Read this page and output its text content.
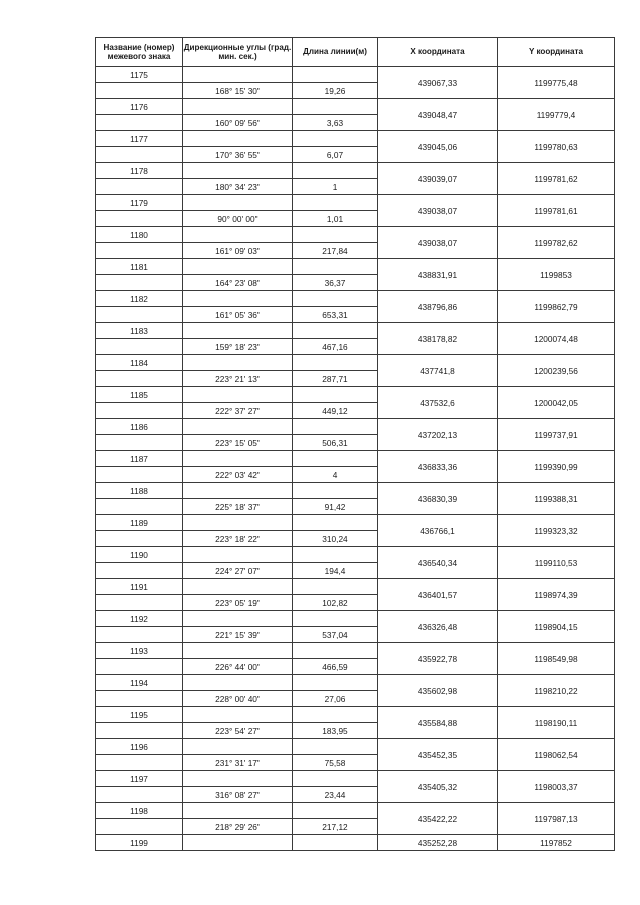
Название (номер) межевого знака	Дирекционные углы (град. мин. сек.)	Длина линии(м)	X координата	Y координата
1175			439067,33	1199775,48
	168° 15' 30"	19,26		
1176			439048,47	1199779,4
	160° 09' 56"	3,63		
1177			439045,06	1199780,63
	170° 36' 55"	6,07		
1178			439039,07	1199781,62
	180° 34' 23"	1		
1179			439038,07	1199781,61
	90° 00' 00"	1,01		
1180			439038,07	1199782,62
	161° 09' 03"	217,84		
1181			438831,91	1199853
	164° 23' 08"	36,37		
1182			438796,86	1199862,79
	161° 05' 36"	653,31		
1183			438178,82	1200074,48
	159° 18' 23"	467,16		
1184			437741,8	1200239,56
	223° 21' 13"	287,71		
1185			437532,6	1200042,05
	222° 37' 27"	449,12		
1186			437202,13	1199737,91
	223° 15' 05"	506,31		
1187			436833,36	1199390,99
	222° 03' 42"	4		
1188			436830,39	1199388,31
	225° 18' 37"	91,42		
1189			436766,1	1199323,32
	223° 18' 22"	310,24		
1190			436540,34	1199110,53
	224° 27' 07"	194,4		
1191			436401,57	1198974,39
	223° 05' 19"	102,82		
1192			436326,48	1198904,15
	221° 15' 39"	537,04		
1193			435922,78	1198549,98
	226° 44' 00"	466,59		
1194			435602,98	1198210,22
	228° 00' 40"	27,06		
1195			435584,88	1198190,11
	223° 54' 27"	183,95		
1196			435452,35	1198062,54
	231° 31' 17"	75,58		
1197			435405,32	1198003,37
	316° 08' 27"	23,44		
1198			435422,22	1197987,13
	218° 29' 26"	217,12		
1199			435252,28	1197852
